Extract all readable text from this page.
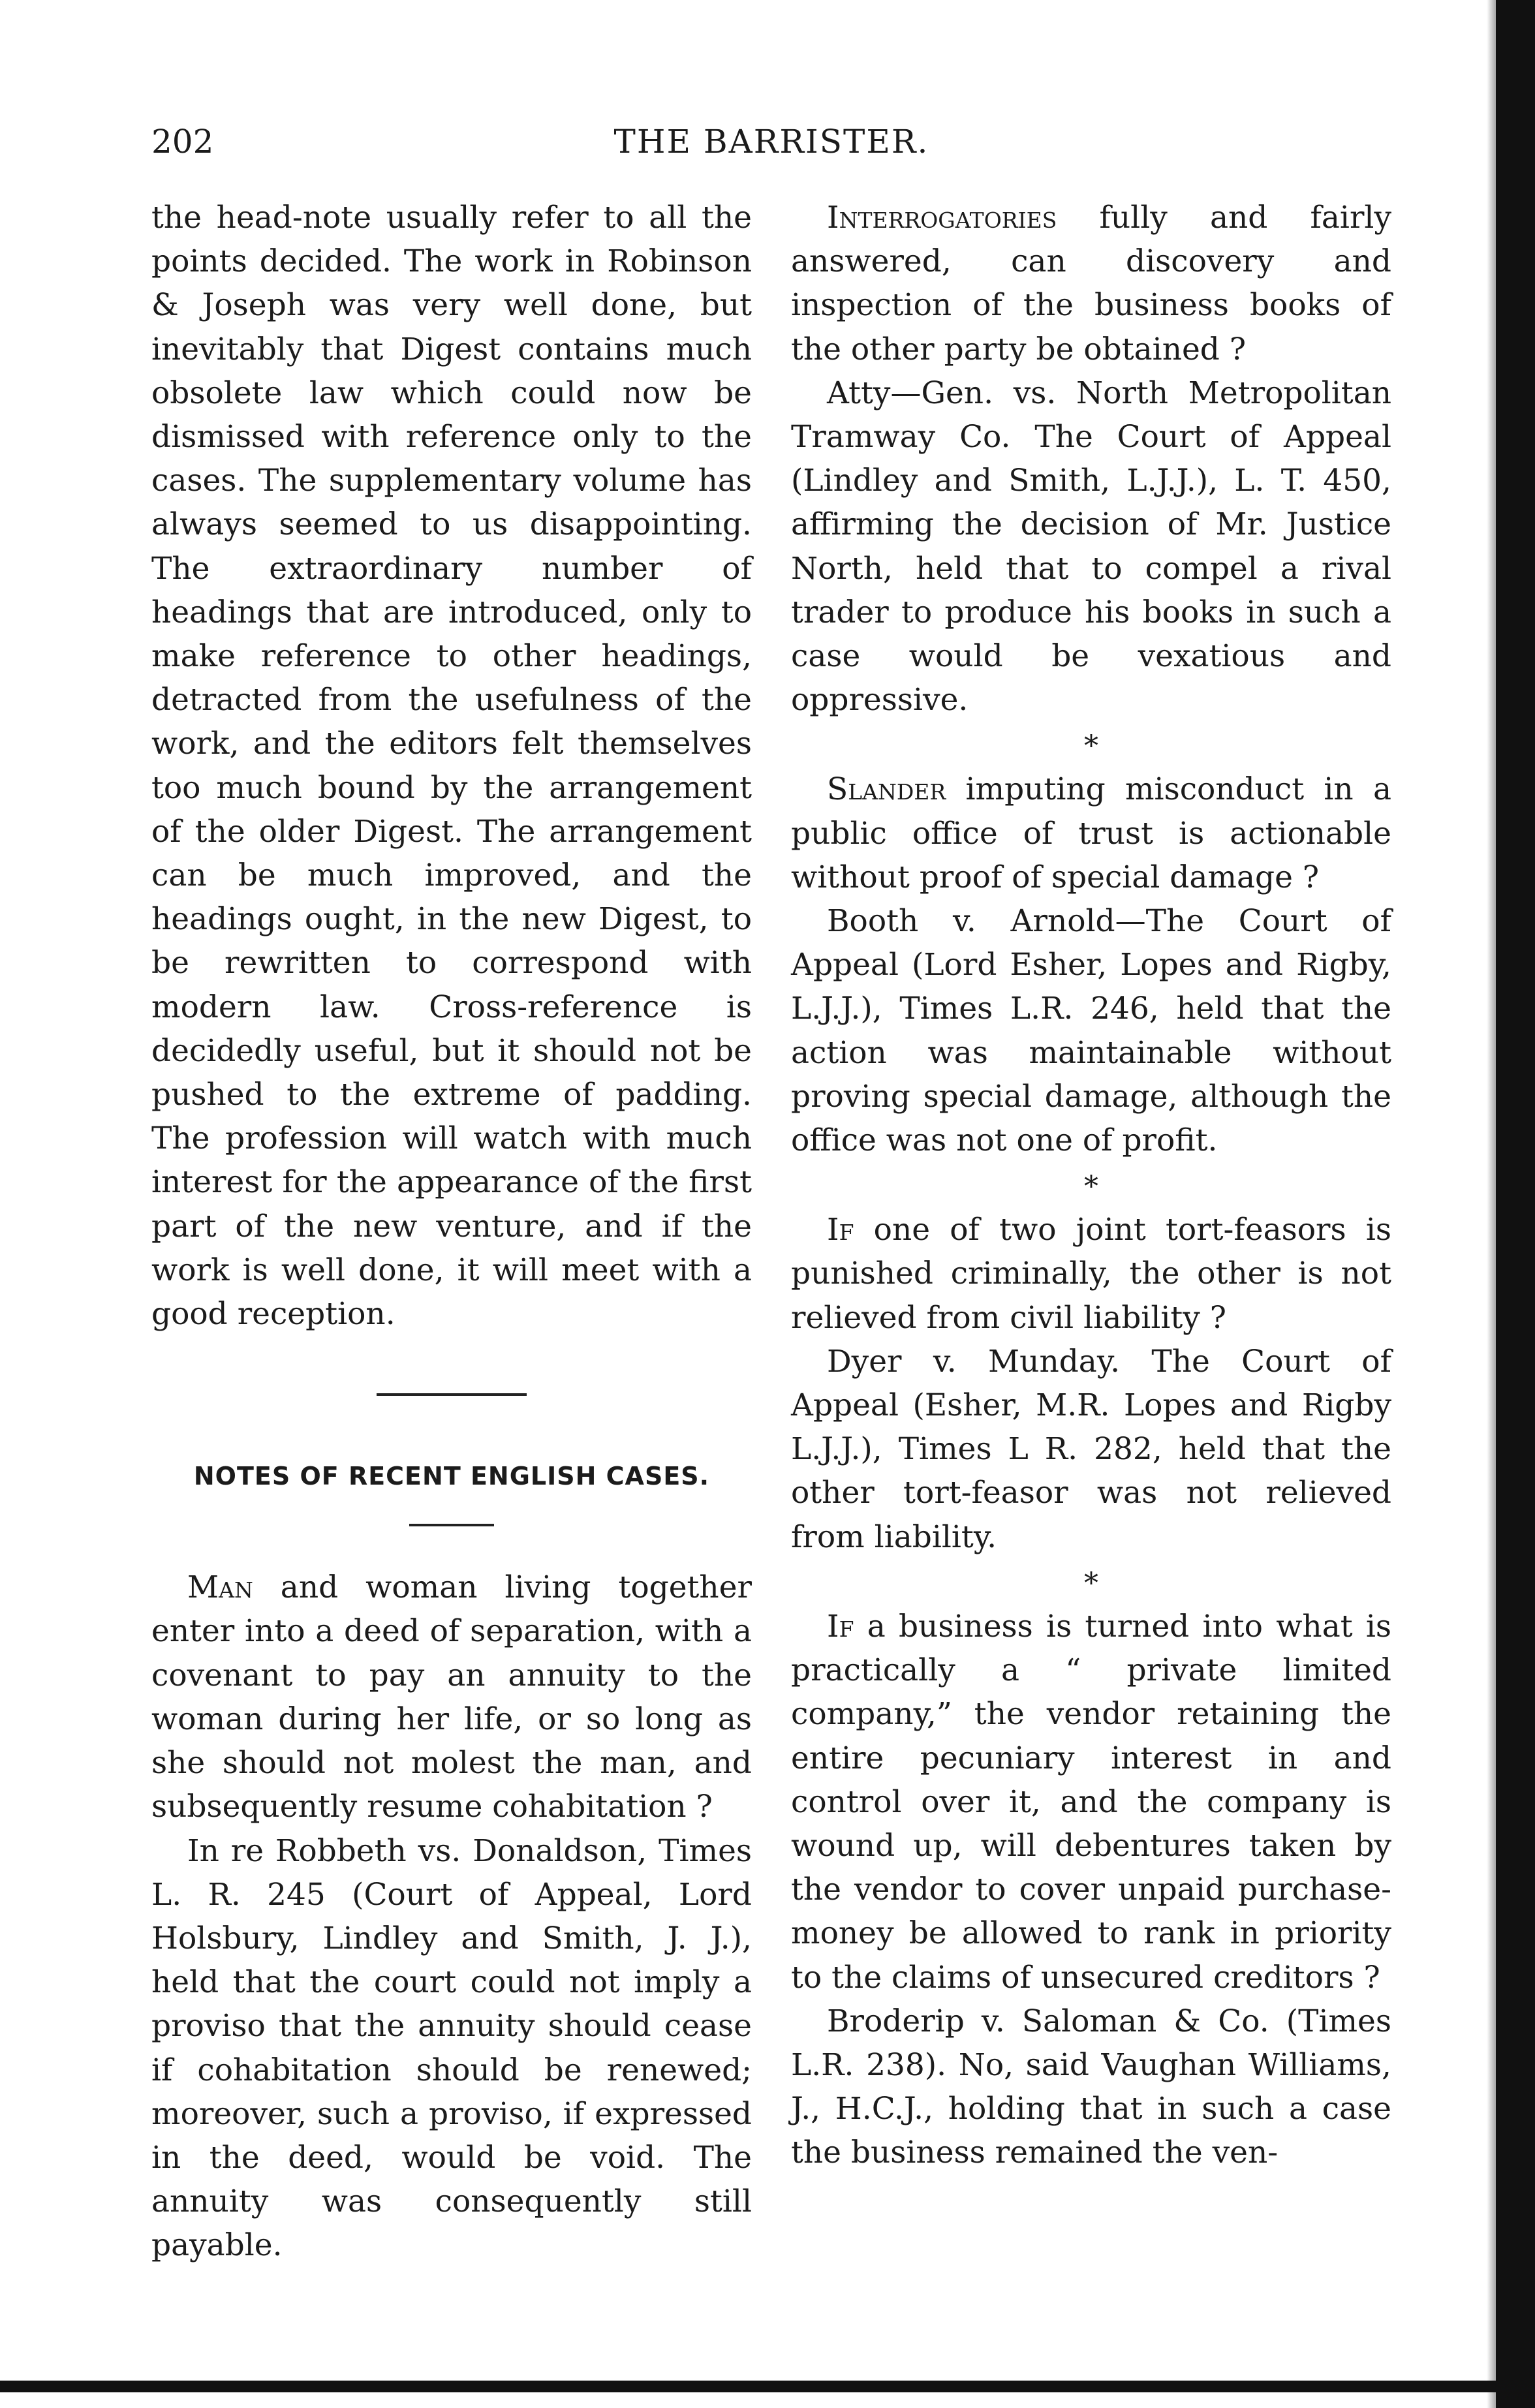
202	THE BARRISTER.

the head-note usually refer to all the points decided. The work in Robinson & Joseph was very well done, but inevitably that Digest contains much obsolete law which could now be dismissed with reference only to the cases. The supplementary volume has always seemed to us disappointing. The extraordinary number of headings that are introduced, only to make reference to other headings, detracted from the usefulness of the work, and the editors felt themselves too much bound by the arrangement of the older Digest. The arrangement can be much improved, and the headings ought, in the new Digest, to be rewritten to correspond with modern law. Cross-reference is decidedly useful, but it should not be pushed to the extreme of padding. The profession will watch with much interest for the appearance of the first part of the new venture, and if the work is well done, it will meet with a good reception.

NOTES OF RECENT ENGLISH CASES.

Man and woman living together enter into a deed of separation, with a covenant to pay an annuity to the woman during her life, or so long as she should not molest the man, and subsequently resume cohabitation ?

In re Robbeth vs. Donaldson, Times L. R. 245 (Court of Appeal, Lord Holsbury, Lindley and Smith, J. J.), held that the court could not imply a proviso that the annuity should cease if cohabitation should be renewed; moreover, such a proviso, if expressed in the deed, would be void. The annuity was consequently still payable.

Interrogatories fully and fairly answered, can discovery and inspection of the business books of the other party be obtained ?

Atty—Gen. vs. North Metropolitan Tramway Co. The Court of Appeal (Lindley and Smith, L.J.J.), L. T. 450, affirming the decision of Mr. Justice North, held that to compel a rival trader to produce his books in such a case would be vexatious and oppressive.

*

Slander imputing misconduct in a public office of trust is actionable without proof of special damage ?

Booth v. Arnold—The Court of Appeal (Lord Esher, Lopes and Rigby, L.J.J.), Times L.R. 246, held that the action was maintainable without proving special damage, although the office was not one of profit.

*

If one of two joint tort-feasors is punished criminally, the other is not relieved from civil liability ?

Dyer v. Munday. The Court of Appeal (Esher, M.R. Lopes and Rigby L.J.J.), Times L R. 282, held that the other tort-feasor was not relieved from liability.

*

If a business is turned into what is practically a “ private limited company,” the vendor retaining the entire pecuniary interest in and control over it, and the company is wound up, will debentures taken by the vendor to cover unpaid purchase-money be allowed to rank in priority to the claims of unsecured creditors ?

Broderip v. Saloman & Co. (Times L.R. 238). No, said Vaughan Williams, J., H.C.J., holding that in such a case the business remained the ven-
